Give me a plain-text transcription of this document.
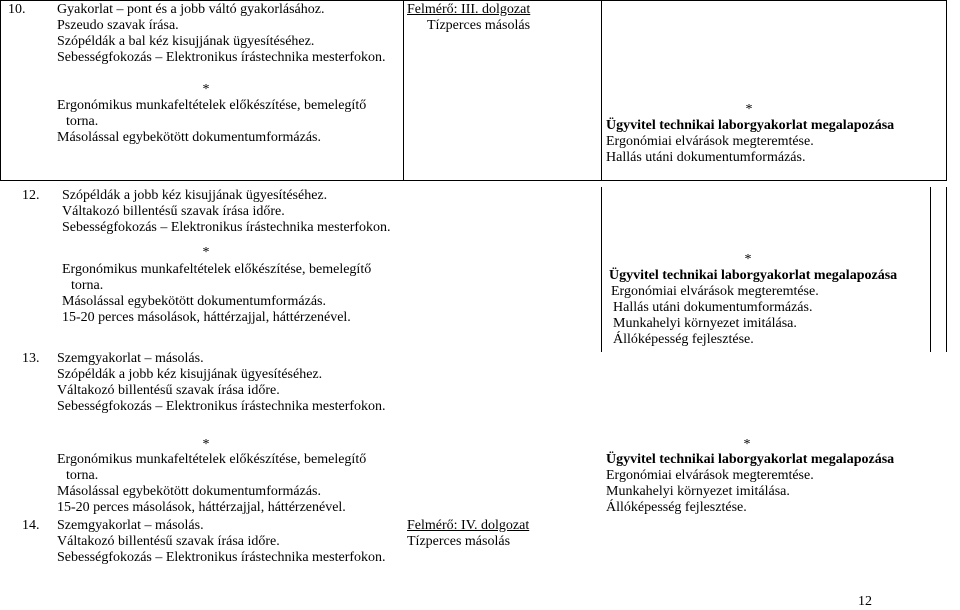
10. Gyakorlat – pont és a jobb váltó gyakorlásához.
Pszeudo szavak írása.
Szópéldák a bal kéz kisujjának ügyesítéséhez.
Sebességfokozás – Elektronikus írástechnika mesterfokon.
Felmérő: III. dolgozat
Tízperces másolás
*
Ergonómikus munkafeltételek előkészítése, bemelegítő
torna.
Másolással egybekötött dokumentumformázás.
*
Ügyvitel technikai laborgyakorlat megalapozása
Ergonómiai elvárások megteremtése.
Hallás utáni dokumentumformázás.
12. Szópéldák a jobb kéz kisujjának ügyesítéséhez.
Váltakozó billentésű szavak írása időre.
Sebességfokozás – Elektronikus írástechnika mesterfokon.
*
Ergonómikus munkafeltételek előkészítése, bemelegítő
torna.
Másolással egybekötött dokumentumformázás.
15-20 perces másolások, háttérzajjal, háttérzenével.
*
Ügyvitel technikai laborgyakorlat megalapozása
Ergonómiai elvárások megteremtése.
Hallás utáni dokumentumformázás.
Munkahelyi környezet imitálása.
Állóképesség fejlesztése.
13. Szemgyakorlat – másolás.
Szópéldák a jobb kéz kisujjának ügyesítéséhez.
Váltakozó billentésű szavak írása időre.
Sebességfokozás – Elektronikus írástechnika mesterfokon.
*
Ergonómikus munkafeltételek előkészítése, bemelegítő
torna.
Másolással egybekötött dokumentumformázás.
15-20 perces másolások, háttérzajjal, háttérzenével.
*
Ügyvitel technikai laborgyakorlat megalapozása
Ergonómiai elvárások megteremtése.
Munkahelyi környezet imitálása.
Állóképesség fejlesztése.
14. Szemgyakorlat – másolás.
Váltakozó billentésű szavak írása időre.
Sebességfokozás – Elektronikus írástechnika mesterfokon.
Felmérő: IV. dolgozat
Tízperces másolás
12
